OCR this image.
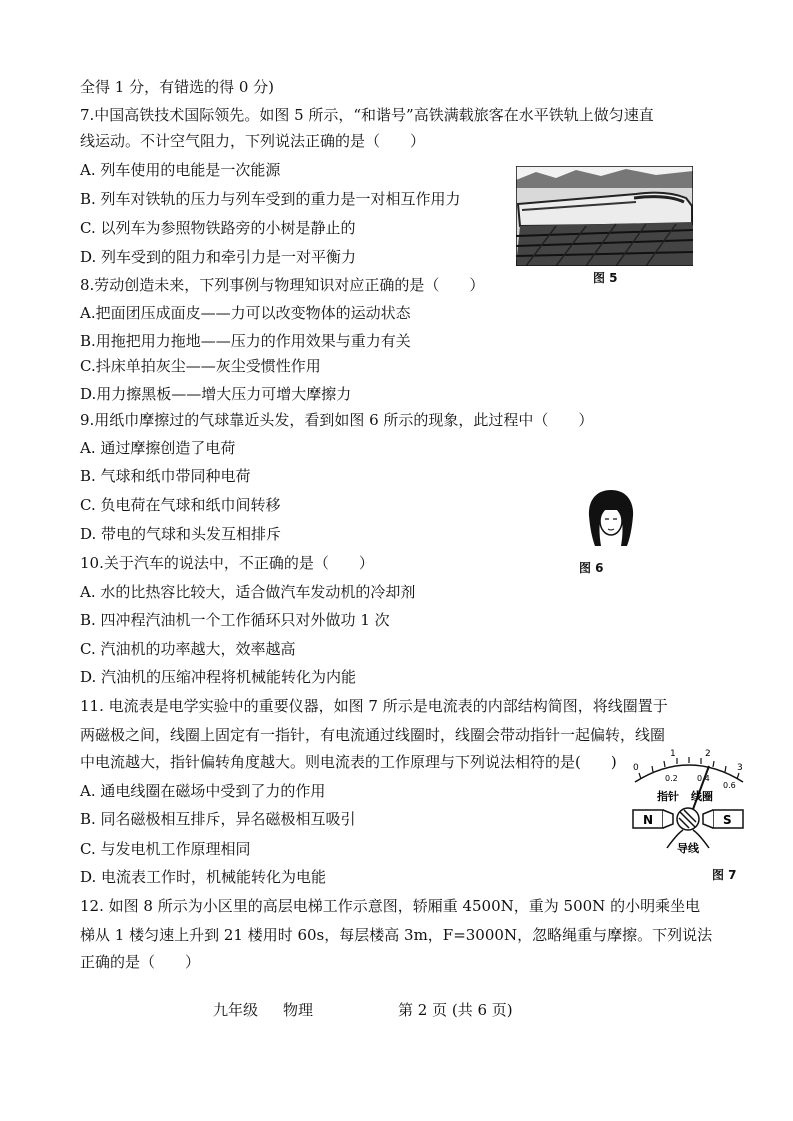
全得 1 分，有错选的得 0 分)
7.中国高铁技术国际领先。如图 5 所示，“和谐号”高铁满载旅客在水平铁轨上做匀速直
线运动。不计空气阻力，下列说法正确的是（　　）
A. 列车使用的电能是一次能源
B. 列车对铁轨的压力与列车受到的重力是一对相互作用力
C. 以列车为参照物铁路旁的小树是静止的
D. 列车受到的阻力和牵引力是一对平衡力
8.劳动创造未来，下列事例与物理知识对应正确的是（　　）
A.把面团压成面皮——力可以改变物体的运动状态
B.用拖把用力拖地——压力的作用效果与重力有关
C.抖床单拍灰尘——灰尘受惯性作用
D.用力擦黑板——增大压力可增大摩擦力
9.用纸巾摩擦过的气球靠近头发，看到如图 6 所示的现象，此过程中（　　）
A. 通过摩擦创造了电荷
B. 气球和纸巾带同种电荷
C. 负电荷在气球和纸巾间转移
D. 带电的气球和头发互相排斥
10.关于汽车的说法中，不正确的是（　　）
A. 水的比热容比较大，适合做汽车发动机的冷却剂
B. 四冲程汽油机一个工作循环只对外做功 1 次
C. 汽油机的功率越大，效率越高
D. 汽油机的压缩冲程将机械能转化为内能
11. 电流表是电学实验中的重要仪器，如图 7 所示是电流表的内部结构简图，将线圈置于
两磁极之间，线圈上固定有一指针，有电流通过线圈时，线圈会带动指针一起偏转，线圈
中电流越大，指针偏转角度越大。则电流表的工作原理与下列说法相符的是(　　)
A. 通电线圈在磁场中受到了力的作用
B. 同名磁极相互排斥，异名磁极相互吸引
C. 与发电机工作原理相同
D. 电流表工作时，机械能转化为电能
12. 如图 8 所示为小区里的高层电梯工作示意图，轿厢重 4500N，重为 500N 的小明乘坐电
梯从 1 楼匀速上升到 21 楼用时 60s，每层楼高 3m，F=3000N，忽略绳重与摩擦。下列说法
正确的是（　　）
图 5
图 6
0
1	2
3
0.2 0.4
0.6
指针 线圈
N	S
导线
图 7
九年级 物理	第 2 页 (共 6 页)
